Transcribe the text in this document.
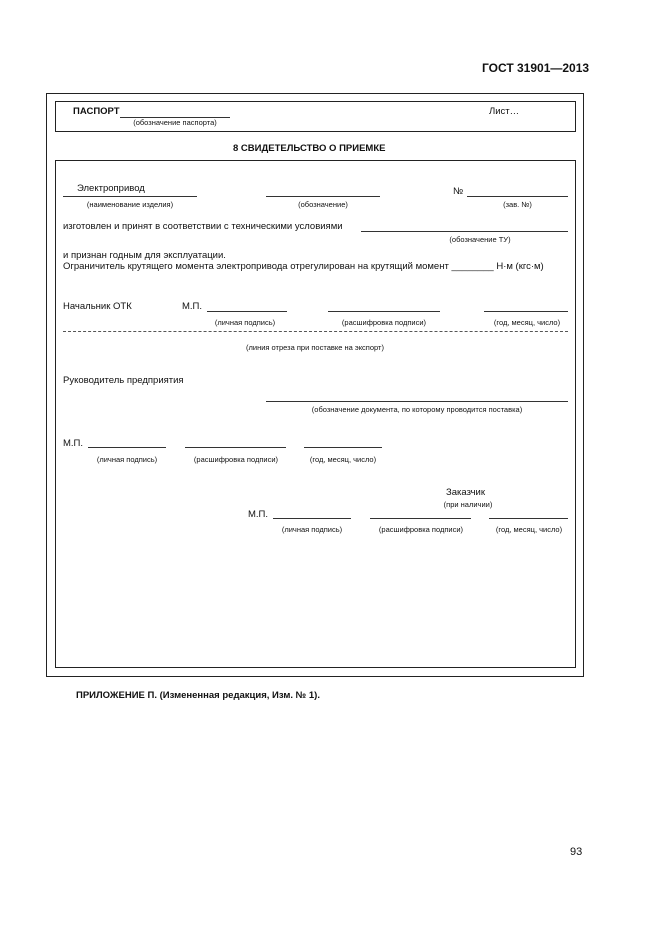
ГОСТ 31901—2013
ПАСПОРТ
(обозначение паспорта)
Лист…
8 СВИДЕТЕЛЬСТВО О ПРИЕМКЕ
Электропривод
(наименование изделия)	(обозначение)
№
(зав. №)
изготовлен и принят в соответствии с техническими условиями
(обозначение ТУ)
и признан годным для эксплуатации.
Ограничитель крутящего момента электропривода отрегулирован на крутящий момент ________ Н·м (кгс·м)
Начальник ОТК	М.П.
(личная подпись)	(расшифровка подписи)	(год, месяц, число)
(линия отреза при поставке на экспорт)
Руководитель предприятия
(обозначение документа, по которому проводится поставка)
М.П.
(личная подпись)	(расшифровка подписи)	(год, месяц, число)
Заказчик
(при наличии)
М.П.
(личная подпись)	(расшифровка подписи)	(год, месяц, число)
ПРИЛОЖЕНИЕ П. (Измененная редакция, Изм. № 1).
93
